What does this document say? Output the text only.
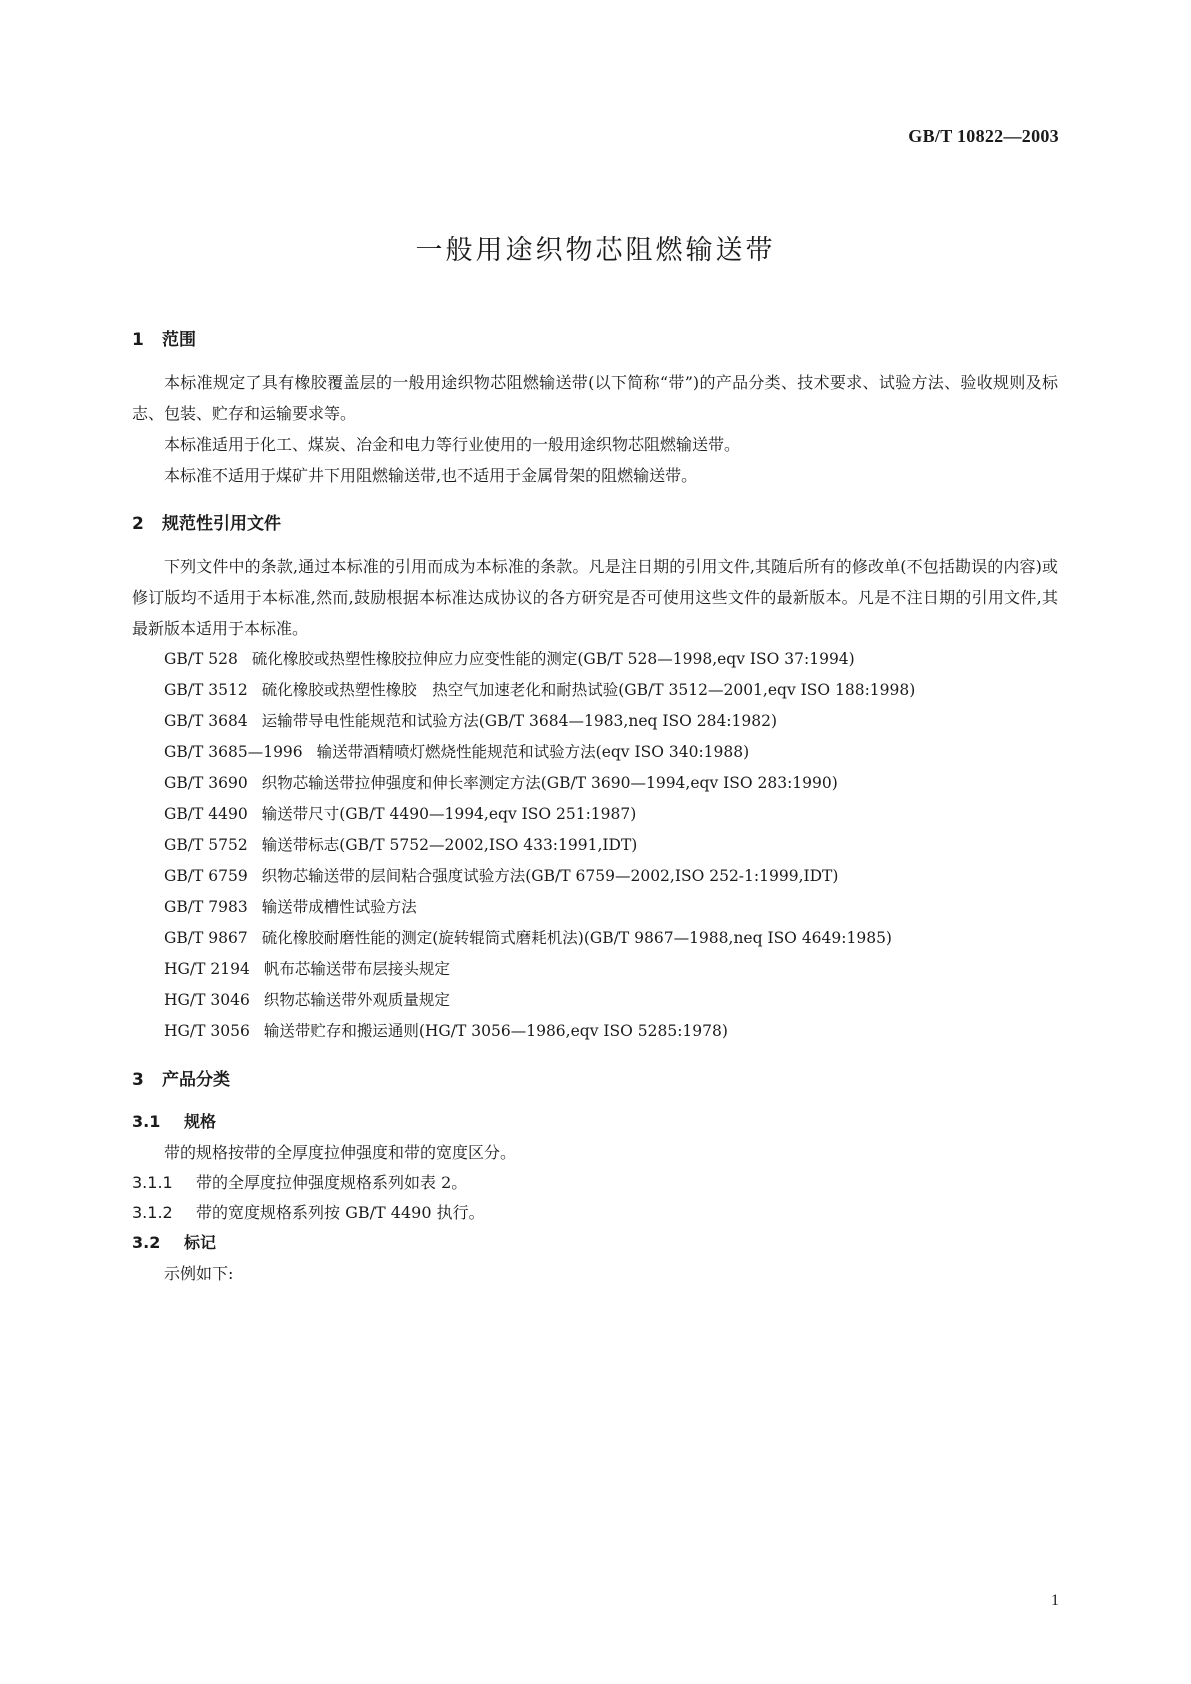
GB/T 10822—2003
一般用途织物芯阻燃输送带
1 范围
本标准规定了具有橡胶覆盖层的一般用途织物芯阻燃输送带(以下简称“带”)的产品分类、技术要求、试验方法、验收规则及标志、包装、贮存和运输要求等。
本标准适用于化工、煤炭、冶金和电力等行业使用的一般用途织物芯阻燃输送带。
本标准不适用于煤矿井下用阻燃输送带,也不适用于金属骨架的阻燃输送带。
2 规范性引用文件
下列文件中的条款,通过本标准的引用而成为本标准的条款。凡是注日期的引用文件,其随后所有的修改单(不包括勘误的内容)或修订版均不适用于本标准,然而,鼓励根据本标准达成协议的各方研究是否可使用这些文件的最新版本。凡是不注日期的引用文件,其最新版本适用于本标准。
GB/T 528 硫化橡胶或热塑性橡胶拉伸应力应变性能的测定(GB/T 528—1998,eqv ISO 37:1994)
GB/T 3512 硫化橡胶或热塑性橡胶　热空气加速老化和耐热试验(GB/T 3512—2001,eqv ISO 188:1998)
GB/T 3684 运输带导电性能规范和试验方法(GB/T 3684—1983,neq ISO 284:1982)
GB/T 3685—1996 输送带酒精喷灯燃烧性能规范和试验方法(eqv ISO 340:1988)
GB/T 3690 织物芯输送带拉伸强度和伸长率测定方法(GB/T 3690—1994,eqv ISO 283:1990)
GB/T 4490 输送带尺寸(GB/T 4490—1994,eqv ISO 251:1987)
GB/T 5752 输送带标志(GB/T 5752—2002,ISO 433:1991,IDT)
GB/T 6759 织物芯输送带的层间粘合强度试验方法(GB/T 6759—2002,ISO 252-1:1999,IDT)
GB/T 7983 输送带成槽性试验方法
GB/T 9867 硫化橡胶耐磨性能的测定(旋转辊筒式磨耗机法)(GB/T 9867—1988,neq ISO 4649:1985)
HG/T 2194 帆布芯输送带布层接头规定
HG/T 3046 织物芯输送带外观质量规定
HG/T 3056 输送带贮存和搬运通则(HG/T 3056—1986,eqv ISO 5285:1978)
3 产品分类
3.1 规格
带的规格按带的全厚度拉伸强度和带的宽度区分。
3.1.1 带的全厚度拉伸强度规格系列如表 2。
3.1.2 带的宽度规格系列按 GB/T 4490 执行。
3.2 标记
示例如下:
1
